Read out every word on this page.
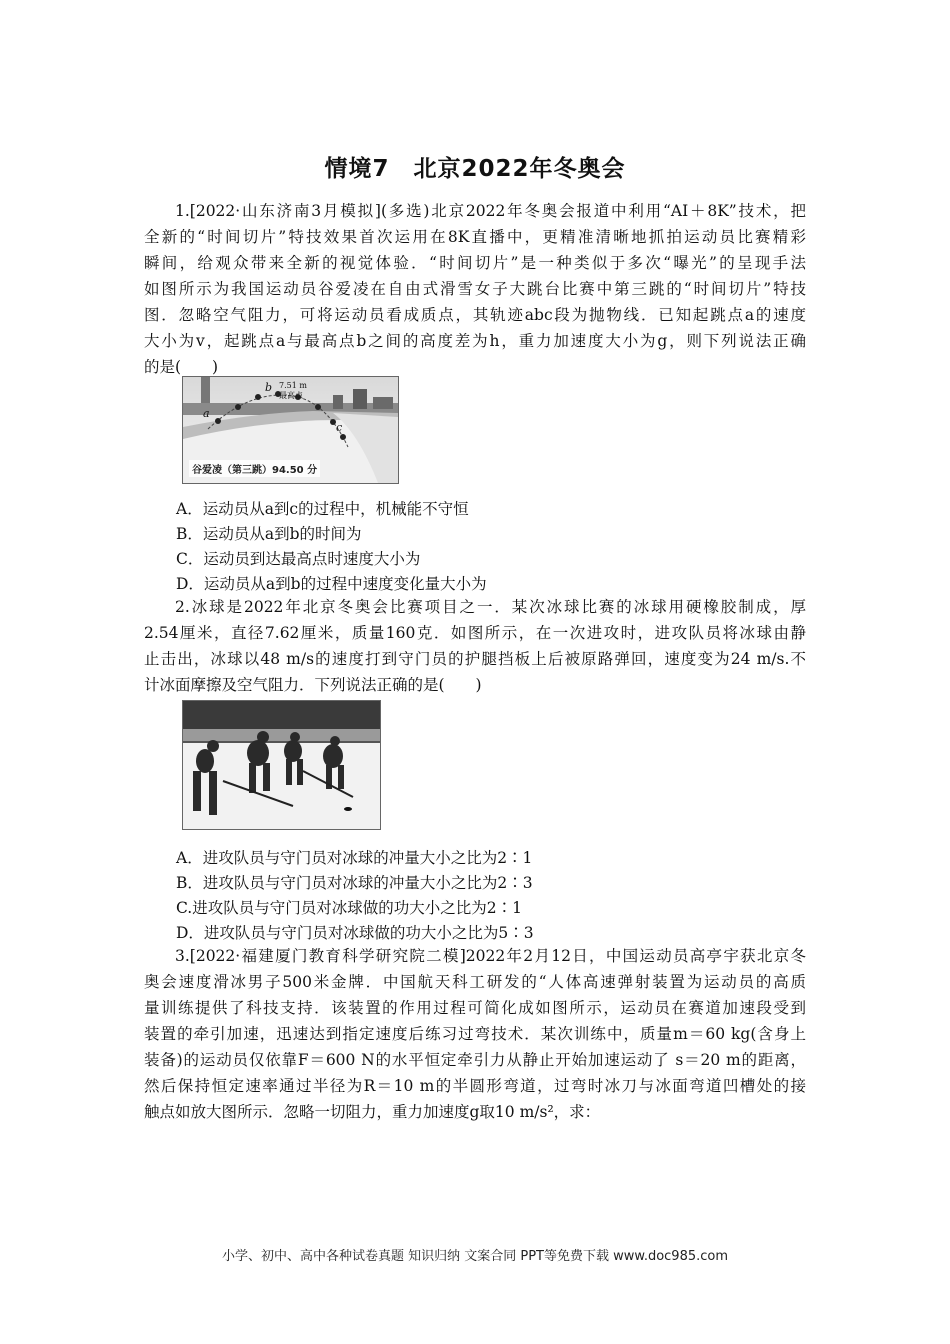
情境7　北京2022年冬奥会
1.[2022·山东济南3月模拟](多选)北京2022年冬奥会报道中利用“AI＋8K”技术，把
全新的“时间切片”特技效果首次运用在8K直播中，更精准清晰地抓拍运动员比赛精彩
瞬间，给观众带来全新的视觉体验．“时间切片”是一种类似于多次“曝光”的呈现手法
如图所示为我国运动员谷爱凌在自由式滑雪女子大跳台比赛中第三跳的“时间切片”特技
图．忽略空气阻力，可将运动员看成质点，其轨迹abc段为抛物线．已知起跳点a的速度
大小为v，起跳点a与最高点b之间的高度差为h，重力加速度大小为g，则下列说法正确
的是(　　)
a
b
c
7.51 m
最高点
谷爱凌（第三跳）94.50 分
A．运动员从a到c的过程中，机械能不守恒
B．运动员从a到b的时间为
C．运动员到达最高点时速度大小为
D．运动员从a到b的过程中速度变化量大小为
2.冰球是2022年北京冬奥会比赛项目之一．某次冰球比赛的冰球用硬橡胶制成，厚
2.54厘米，直径7.62厘米，质量160克．如图所示，在一次进攻时，进攻队员将冰球由静
止击出，冰球以48 m/s的速度打到守门员的护腿挡板上后被原路弹回，速度变为24 m/s.不
计冰面摩擦及空气阻力．下列说法正确的是(　　)
A．进攻队员与守门员对冰球的冲量大小之比为2∶1
B．进攻队员与守门员对冰球的冲量大小之比为2∶3
C.进攻队员与守门员对冰球做的功大小之比为2∶1
D．进攻队员与守门员对冰球做的功大小之比为5∶3
3.[2022·福建厦门教育科学研究院二模]2022年2月12日，中国运动员高亭宇获北京冬
奥会速度滑冰男子500米金牌．中国航天科工研发的“人体高速弹射装置为运动员的高质
量训练提供了科技支持．该装置的作用过程可简化成如图所示，运动员在赛道加速段受到
装置的牵引加速，迅速达到指定速度后练习过弯技术．某次训练中，质量m＝60 kg(含身上
装备)的运动员仅依靠F＝600 N的水平恒定牵引力从静止开始加速运动了 s＝20 m的距离，
然后保持恒定速率通过半径为R＝10 m的半圆形弯道，过弯时冰刀与冰面弯道凹槽处的接
触点如放大图所示．忽略一切阻力，重力加速度g取10 m/s²，求：
小学、初中、高中各种试卷真题 知识归纳 文案合同 PPT等免费下载 www.doc985.com
